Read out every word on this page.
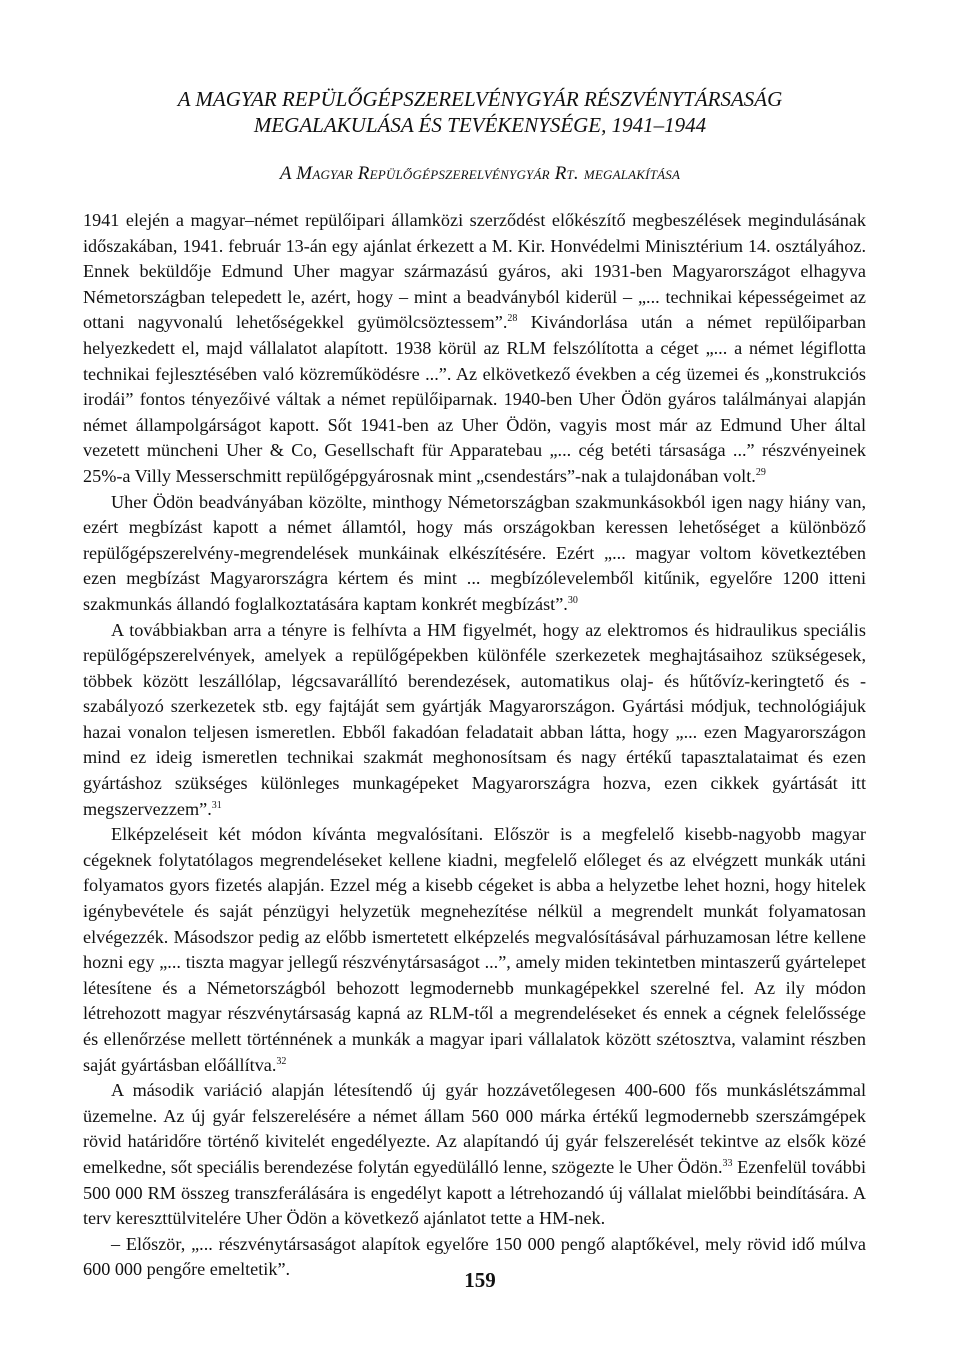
A MAGYAR REPÜLŐGÉPSZERELVÉNYGYÁR RÉSZVÉNYTÁRSASÁG
MEGALAKULÁSA ÉS TEVÉKENYSÉGE, 1941–1944
A Magyar Repülőgépszerelvénygyár Rt. megalakítása

1941 elején a magyar–német repülőipari államközi szerződést előkészítő megbeszélések megindulásának időszakában, 1941. február 13-án egy ajánlat érkezett a M. Kir. Honvédelmi Minisztérium 14. osztályához. Ennek beküldője Edmund Uher magyar származású gyáros, aki 1931-ben Magyarországot elhagyva Németországban telepedett le, azért, hogy – mint a beadványból kiderül – „... technikai képességeimet az ottani nagyvonalú lehetőségekkel gyümölcsöztessem”.$^{28}$ Kivándorlása után a német repülőiparban helyezkedett el, majd vállalatot alapított. 1938 körül az RLM felszólította a céget „... a német légiflotta technikai fejlesztésében való közreműködésre ...”. Az elkövetkező években a cég üzemei és „konstrukciós irodái” fontos tényezőivé váltak a német repülőiparnak. 1940-ben Uher Ödön gyáros találmányai alapján német állampolgárságot kapott. Sőt 1941-ben az Uher Ödön, vagyis most már az Edmund Uher által vezetett müncheni Uher & Co, Gesellschaft für Apparatebau „... cég betéti társasága ...” részvényeinek 25%-a Villy Messerschmitt repülőgépgyárosnak mint „csendestárs”-nak a tulajdonában volt.$^{29}$

Uher Ödön beadványában közölte, minthogy Németországban szakmunkásokból igen nagy hiány van, ezért megbízást kapott a német államtól, hogy más országokban keressen lehetőséget a különböző repülőgépszerelvény-megrendelések munkáinak elkészítésére. Ezért „... magyar voltom következtében ezen megbízást Magyarországra kértem és mint ... megbízólevelemből kitűnik, egyelőre 1200 itteni szakmunkás állandó foglalkoztatására kaptam konkrét megbízást”.$^{30}$

A továbbiakban arra a tényre is felhívta a HM figyelmét, hogy az elektromos és hidraulikus speciális repülőgépszerelvények, amelyek a repülőgépekben különféle szerkezetek meghajtásaihoz szükségesek, többek között leszállólap, légcsavarállító berendezések, automatikus olaj- és hűtővíz-keringtető és -szabályozó szerkezetek stb. egy fajtáját sem gyártják Magyarországon. Gyártási módjuk, technológiájuk hazai vonalon teljesen ismeretlen. Ebből fakadóan feladatait abban látta, hogy „... ezen Magyarországon mind ez ideig ismeretlen technikai szakmát meghonosítsam és nagy értékű tapasztalataimat és ezen gyártáshoz szükséges különleges munkagépeket Magyarországra hozva, ezen cikkek gyártását itt megszervezzem”.$^{31}$

Elképzeléseit két módon kívánta megvalósítani. Először is a megfelelő kisebb-nagyobb magyar cégeknek folytatólagos megrendeléseket kellene kiadni, megfelelő előleget és az elvégzett munkák utáni folyamatos gyors fizetés alapján. Ezzel még a kisebb cégeket is abba a helyzetbe lehet hozni, hogy hitelek igénybevétele és saját pénzügyi helyzetük megnehezítése nélkül a megrendelt munkát folyamatosan elvégezzék. Másodszor pedig az előbb ismertetett elképzelés megvalósításával párhuzamosan létre kellene hozni egy „... tiszta magyar jellegű részvénytársaságot ...”, amely miden tekintetben mintaszerű gyártelepet létesítene és a Németországból behozott legmodernebb munkagépekkel szerelné fel. Az ily módon létrehozott magyar részvénytársaság kapná az RLM-től a megrendeléseket és ennek a cégnek felelőssége és ellenőrzése mellett történnének a munkák a magyar ipari vállalatok között szétosztva, valamint részben saját gyártásban előállítva.$^{32}$

A második variáció alapján létesítendő új gyár hozzávetőlegesen 400-600 fős munkáslétszámmal üzemelne. Az új gyár felszerelésére a német állam 560 000 márka értékű legmodernebb szerszámgépek rövid határidőre történő kivitelét engedélyezte. Az alapítandó új gyár felszerelését tekintve az elsők közé emelkedne, sőt speciális berendezése folytán egyedülálló lenne, szögezte le Uher Ödön.$^{33}$ Ezenfelül további 500 000 RM összeg transzferálására is engedélyt kapott a létrehozandó új vállalat mielőbbi beindítására. A terv kereszttülvitelére Uher Ödön a következő ajánlatot tette a HM-nek.

– Először, „... részvénytársaságot alapítok egyelőre 150 000 pengő alaptőkével, mely rövid idő múlva 600 000 pengőre emeltetik”.	159
